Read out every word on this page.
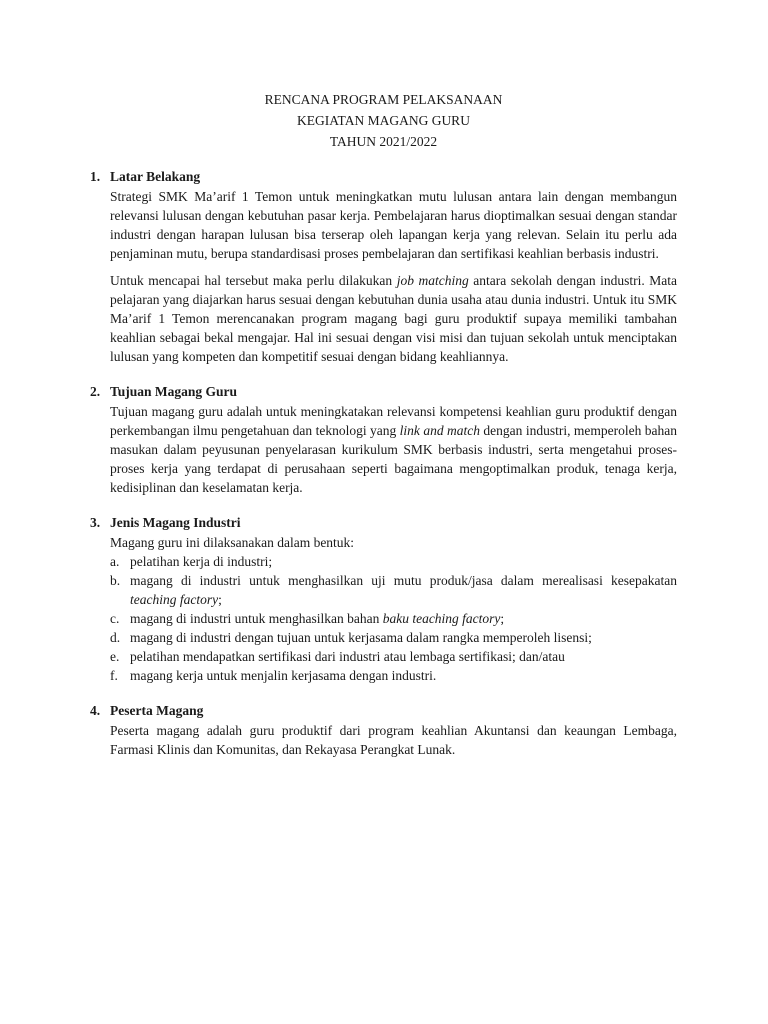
RENCANA PROGRAM PELAKSANAAN
KEGIATAN MAGANG GURU
TAHUN 2021/2022
1. Latar Belakang

Strategi SMK Ma’arif 1 Temon untuk meningkatkan mutu lulusan antara lain dengan membangun relevansi lulusan dengan kebutuhan pasar kerja. Pembelajaran harus dioptimalkan sesuai dengan standar industri dengan harapan lulusan bisa terserap oleh lapangan kerja yang relevan. Selain itu perlu ada penjaminan mutu, berupa standardisasi proses pembelajaran dan sertifikasi keahlian berbasis industri.

Untuk mencapai hal tersebut maka perlu dilakukan job matching antara sekolah dengan industri. Mata pelajaran yang diajarkan harus sesuai dengan kebutuhan dunia usaha atau dunia industri. Untuk itu SMK Ma’arif 1 Temon merencanakan program magang bagi guru produktif supaya memiliki tambahan keahlian sebagai bekal mengajar. Hal ini sesuai dengan visi misi dan tujuan sekolah untuk menciptakan lulusan yang kompeten dan kompetitif sesuai dengan bidang keahliannya.

2. Tujuan Magang Guru

Tujuan magang guru adalah untuk meningkatakan relevansi kompetensi keahlian guru produktif dengan perkembangan ilmu pengetahuan dan teknologi yang link and match dengan industri, memperoleh bahan masukan dalam peyusunan penyelarasan kurikulum SMK berbasis industri, serta mengetahui proses-proses kerja yang terdapat di perusahaan seperti bagaimana mengoptimalkan produk, tenaga kerja, kedisiplinan dan keselamatan kerja.

3. Jenis Magang Industri
Magang guru ini dilaksanakan dalam bentuk:
a. pelatihan kerja di industri;
b. magang di industri untuk menghasilkan uji mutu produk/jasa dalam merealisasi kesepakatan teaching factory;
c. magang di industri untuk menghasilkan bahan baku teaching factory;
d. magang di industri dengan tujuan untuk kerjasama dalam rangka memperoleh lisensi;
e. pelatihan mendapatkan sertifikasi dari industri atau lembaga sertifikasi; dan/atau
f. magang kerja untuk menjalin kerjasama dengan industri.
4. Peserta Magang

Peserta magang adalah guru produktif dari program keahlian Akuntansi dan keaungan Lembaga, Farmasi Klinis dan Komunitas, dan Rekayasa Perangkat Lunak.
